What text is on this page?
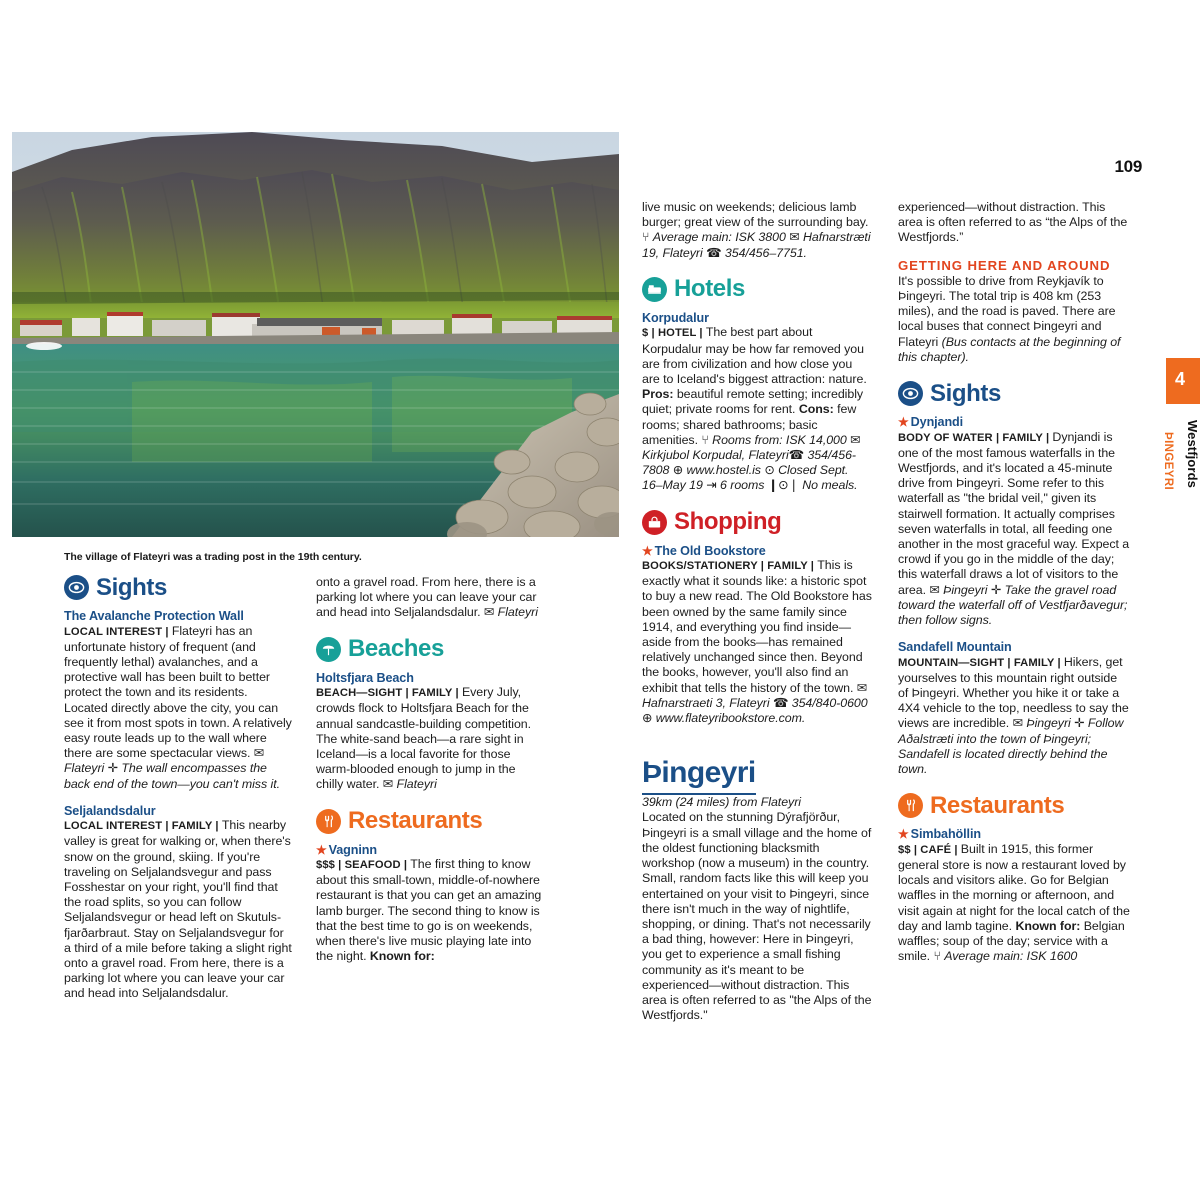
109
4
Westfjords
ÞINGEYRI
The village of Flateyri was a trading post in the 19th century.
Sights
The Avalanche Protection Wall

LOCAL INTEREST | Flateyri has an unfortunate history of frequent (and frequently lethal) avalanches, and a protective wall has been built to better protect the town and its residents. Located directly above the city, you can see it from most spots in town. A relatively easy route leads up to the wall where there are some spectacular views. ✉ Flateyri ✛ The wall encompasses the back end of the town—you can't miss it.

Seljalandsdalur

LOCAL INTEREST | FAMILY | This nearby valley is great for walking or, when there's snow on the ground, skiing. If you're traveling on Seljalandsvegur and pass Fosshestar on your right, you'll find that the road splits, so you can follow Seljalandsvegur or head left on Skutuls-fjarðarbraut. Stay on Seljalandsvegur for a third of a mile before taking a slight right onto a gravel road. From here, there is a parking lot where you can leave your car and head into Seljalandsdalur.

onto a gravel road. From here, there is a parking lot where you can leave your car and head into Seljalandsdalur. ✉ Flateyri

Beaches
Holtsfjara Beach

BEACH—SIGHT | FAMILY | Every July, crowds flock to Holtsfjara Beach for the annual sandcastle-building competition. The white-sand beach—a rare sight in Iceland—is a local favorite for those warm-blooded enough to jump in the chilly water. ✉ Flateyri

Restaurants
★ Vagninn

$$$ | SEAFOOD | The first thing to know about this small-town, middle-of-nowhere restaurant is that you can get an amazing lamb burger. The second thing to know is that the best time to go is on weekends, when there's live music playing late into the night. Known for:

live music on weekends; delicious lamb burger; great view of the surrounding bay. ⑂ Average main: ISK 3800 ✉ Hafnarstræti 19, Flateyri ☎ 354/456–7751.

Hotels
Korpudalur

$ | HOTEL | The best part about Korpudalur may be how far removed you are from civilization and how close you are to Iceland's biggest attraction: nature. Pros: beautiful remote setting; incredibly quiet; private rooms for rent. Cons: few rooms; shared bathrooms; basic amenities. ⑂ Rooms from: ISK 14,000 ✉ Kirkjubol Korpudal, Flateyri☎ 354/456-7808 ⊕ www.hostel.is ⊙ Closed Sept. 16–May 19 ⇥ 6 rooms ❙⊙❘ No meals.

Shopping
★ The Old Bookstore

BOOKS/STATIONERY | FAMILY | This is exactly what it sounds like: a historic spot to buy a new read. The Old Bookstore has been owned by the same family since 1914, and everything you find inside—aside from the books—has remained relatively unchanged since then. Beyond the books, however, you'll also find an exhibit that tells the history of the town. ✉ Hafnarstraeti 3, Flateyri ☎ 354/840-0600 ⊕ www.flateyribookstore.com.

Þingeyri

39km (24 miles) from Flateyri

Located on the stunning Dýrafjörður, Þingeyri is a small village and the home of the oldest functioning blacksmith workshop (now a museum) in the country. Small, random facts like this will keep you entertained on your visit to Þingeyri, since there isn't much in the way of nightlife, shopping, or dining. That's not necessarily a bad thing, however: Here in Þingeyri, you get to experience a small fishing community as it's meant to be experienced—without distraction. This area is often referred to as "the Alps of the Westfjords."

experienced—without distraction. This area is often referred to as “the Alps of the Westfjords.”

GETTING HERE AND AROUND

It's possible to drive from Reykjavík to Þingeyri. The total trip is 408 km (253 miles), and the road is paved. There are local buses that connect Þingeyri and Flateyri (Bus contacts at the beginning of this chapter).

Sights
★ Dynjandi

BODY OF WATER | FAMILY | Dynjandi is one of the most famous waterfalls in the Westfjords, and it's located a 45-minute drive from Þingeyri. Some refer to this waterfall as "the bridal veil," given its stairwell formation. It actually comprises seven waterfalls in total, all feeding one another in the most graceful way. Expect a crowd if you go in the middle of the day; this waterfall draws a lot of visitors to the area. ✉ Þingeyri ✛ Take the gravel road toward the waterfall off of Vestfjarðavegur; then follow signs.

Sandafell Mountain

MOUNTAIN—SIGHT | FAMILY | Hikers, get yourselves to this mountain right outside of Þingeyri. Whether you hike it or take a 4X4 vehicle to the top, needless to say the views are incredible. ✉ Þingeyri ✛ Follow Aðalstræti into the town of Þingeyri; Sandafell is located directly behind the town.

Restaurants
★ Simbahöllin

$$ | CAFÉ | Built in 1915, this former general store is now a restaurant loved by locals and visitors alike. Go for Belgian waffles in the morning or afternoon, and visit again at night for the local catch of the day and lamb tagine. Known for: Belgian waffles; soup of the day; service with a smile. ⑂ Average main: ISK 1600
